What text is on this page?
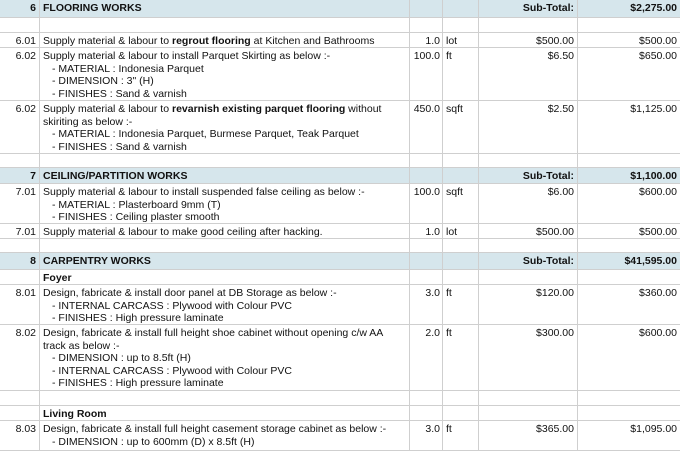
6 FLOORING WORKS	Sub-Total:	$2,275.00
6.01 Supply material & labour to regrout flooring at Kitchen and Bathrooms	1.0 lot	$500.00	$500.00
6.02 Supply material & labour to install Parquet Skirting as below :-
- MATERIAL : Indonesia Parquet
- DIMENSION : 3" (H)
- FINISHES : Sand & varnish
100.0 ft	$6.50	$650.00
6.02 Supply material & labour to revarnish existing parquet flooring without
skiriting as below :-
- MATERIAL : Indonesia Parquet, Burmese Parquet, Teak Parquet
- FINISHES : Sand & varnish
450.0 sqft	$2.50	$1,125.00
7 CEILING/PARTITION WORKS	Sub-Total:	$1,100.00
7.01 Supply material & labour to install suspended false ceiling as below :-
- MATERIAL : Plasterboard 9mm (T)
- FINISHES : Ceiling plaster smooth
100.0 sqft	$6.00	$600.00
7.01 Supply material & labour to make good ceiling after hacking.	1.0 lot	$500.00	$500.00
8 CARPENTRY WORKS	Sub-Total:	$41,595.00
Foyer
8.01 Design, fabricate & install door panel at DB Storage as below :-
- INTERNAL CARCASS : Plywood with Colour PVC
- FINISHES : High pressure laminate
3.0 ft	$120.00	$360.00
8.02 Design, fabricate & install full height shoe cabinet without opening c/w AA
track as below :-
- DIMENSION : up to 8.5ft (H)
- INTERNAL CARCASS : Plywood with Colour PVC
- FINISHES : High pressure laminate
2.0 ft	$300.00	$600.00
Living Room
8.03 Design, fabricate & install full height casement storage cabinet as below :-
- DIMENSION : up to 600mm (D) x 8.5ft (H)
3.0 ft	$365.00	$1,095.00
